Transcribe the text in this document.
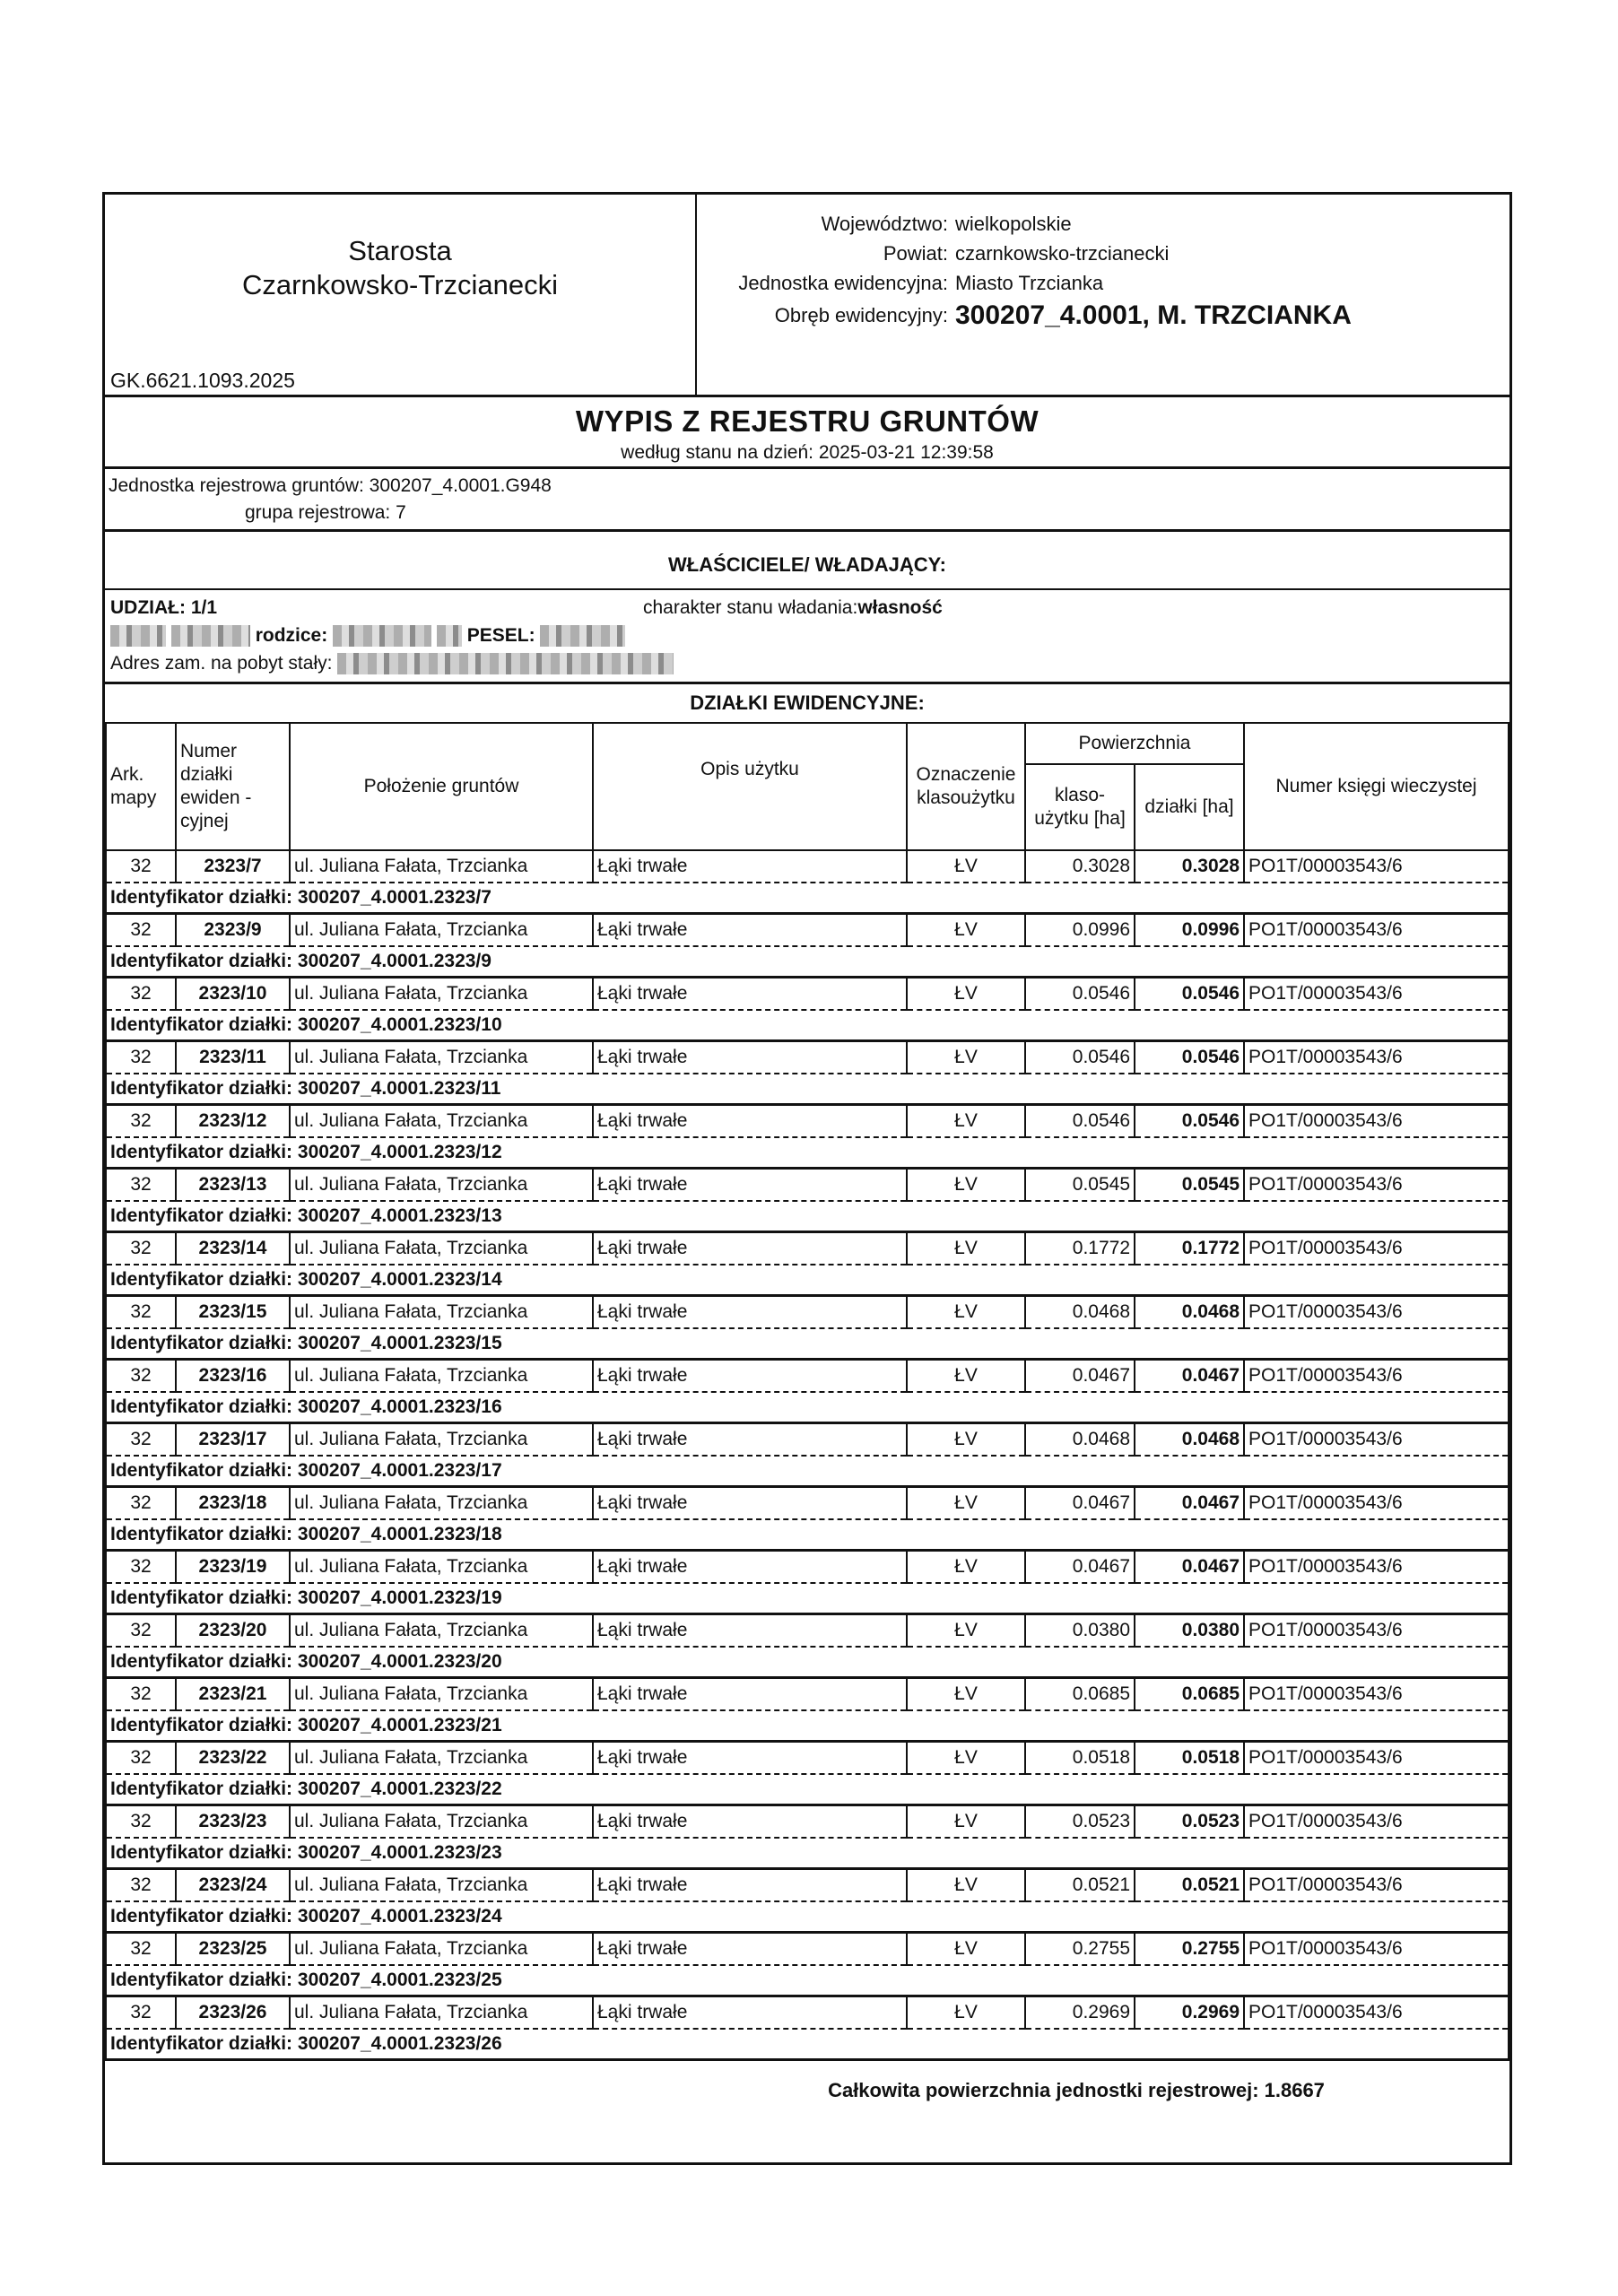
Starosta
Czarnkowsko-Trzcianecki
GK.6621.1093.2025
Województwo: wielkopolskie
Powiat: czarnkowsko-trzcianecki
Jednostka ewidencyjna: Miasto Trzcianka
Obręb ewidencyjny: 300207_4.0001, M. TRZCIANKA
WYPIS Z REJESTRU GRUNTÓW
według stanu na dzień: 2025-03-21 12:39:58
Jednostka rejestrowa gruntów: 300207_4.0001.G948
grupa rejestrowa: 7
WŁAŚCICIELE/ WŁADAJĄCY:
UDZIAŁ: 1/1	charakter stanu władania:własność
rodzice:	PESEL:
Adres zam. na pobyt stały:
DZIAŁKI EWIDENCYJNE:
Ark. mapy	Numer działki ewiden -cyjnej	Położenie gruntów	Opis użytku	Oznaczenie klasoużytku	Powierzchnia		Numer księgi wieczystej
					klaso- użytku [ha]	działki [ha]	
32	2323/7	ul. Juliana Fałata, Trzcianka	Łąki trwałe	ŁV	0.3028	0.3028	PO1T/00003543/6
Identyfikator działki: 300207_4.0001.2323/7							
32	2323/9	ul. Juliana Fałata, Trzcianka	Łąki trwałe	ŁV	0.0996	0.0996	PO1T/00003543/6
Identyfikator działki: 300207_4.0001.2323/9							
32	2323/10	ul. Juliana Fałata, Trzcianka	Łąki trwałe	ŁV	0.0546	0.0546	PO1T/00003543/6
Identyfikator działki: 300207_4.0001.2323/10							
32	2323/11	ul. Juliana Fałata, Trzcianka	Łąki trwałe	ŁV	0.0546	0.0546	PO1T/00003543/6
Identyfikator działki: 300207_4.0001.2323/11							
32	2323/12	ul. Juliana Fałata, Trzcianka	Łąki trwałe	ŁV	0.0546	0.0546	PO1T/00003543/6
Identyfikator działki: 300207_4.0001.2323/12							
32	2323/13	ul. Juliana Fałata, Trzcianka	Łąki trwałe	ŁV	0.0545	0.0545	PO1T/00003543/6
Identyfikator działki: 300207_4.0001.2323/13							
32	2323/14	ul. Juliana Fałata, Trzcianka	Łąki trwałe	ŁV	0.1772	0.1772	PO1T/00003543/6
Identyfikator działki: 300207_4.0001.2323/14							
32	2323/15	ul. Juliana Fałata, Trzcianka	Łąki trwałe	ŁV	0.0468	0.0468	PO1T/00003543/6
Identyfikator działki: 300207_4.0001.2323/15							
32	2323/16	ul. Juliana Fałata, Trzcianka	Łąki trwałe	ŁV	0.0467	0.0467	PO1T/00003543/6
Identyfikator działki: 300207_4.0001.2323/16							
32	2323/17	ul. Juliana Fałata, Trzcianka	Łąki trwałe	ŁV	0.0468	0.0468	PO1T/00003543/6
Identyfikator działki: 300207_4.0001.2323/17							
32	2323/18	ul. Juliana Fałata, Trzcianka	Łąki trwałe	ŁV	0.0467	0.0467	PO1T/00003543/6
Identyfikator działki: 300207_4.0001.2323/18							
32	2323/19	ul. Juliana Fałata, Trzcianka	Łąki trwałe	ŁV	0.0467	0.0467	PO1T/00003543/6
Identyfikator działki: 300207_4.0001.2323/19							
32	2323/20	ul. Juliana Fałata, Trzcianka	Łąki trwałe	ŁV	0.0380	0.0380	PO1T/00003543/6
Identyfikator działki: 300207_4.0001.2323/20							
32	2323/21	ul. Juliana Fałata, Trzcianka	Łąki trwałe	ŁV	0.0685	0.0685	PO1T/00003543/6
Identyfikator działki: 300207_4.0001.2323/21							
32	2323/22	ul. Juliana Fałata, Trzcianka	Łąki trwałe	ŁV	0.0518	0.0518	PO1T/00003543/6
Identyfikator działki: 300207_4.0001.2323/22							
32	2323/23	ul. Juliana Fałata, Trzcianka	Łąki trwałe	ŁV	0.0523	0.0523	PO1T/00003543/6
Identyfikator działki: 300207_4.0001.2323/23							
32	2323/24	ul. Juliana Fałata, Trzcianka	Łąki trwałe	ŁV	0.0521	0.0521	PO1T/00003543/6
Identyfikator działki: 300207_4.0001.2323/24							
32	2323/25	ul. Juliana Fałata, Trzcianka	Łąki trwałe	ŁV	0.2755	0.2755	PO1T/00003543/6
Identyfikator działki: 300207_4.0001.2323/25							
32	2323/26	ul. Juliana Fałata, Trzcianka	Łąki trwałe	ŁV	0.2969	0.2969	PO1T/00003543/6
Identyfikator działki: 300207_4.0001.2323/26							
Całkowita powierzchnia jednostki rejestrowej: 1.8667
